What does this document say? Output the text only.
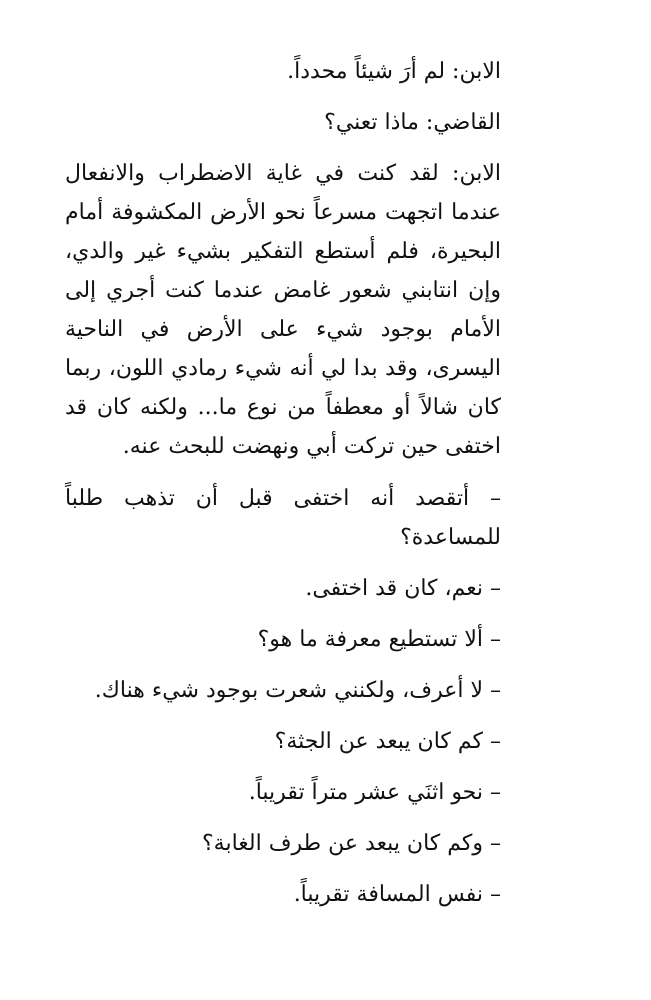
الابن: لم أرَ شيئاً محدداً.

القاضي: ماذا تعني؟

الابن: لقد كنت في غاية الاضطراب والانفعال عندما اتجهت مسرعاً نحو الأرض المكشوفة أمام البحيرة، فلم أستطع التفكير بشيء غير والدي، وإن انتابني شعور غامض عندما كنت أجري إلى الأمام بوجود شيء على الأرض في الناحية اليسرى، وقد بدا لي أنه شيء رمادي اللون، ربما كان شالاً أو معطفاً من نوع ما... ولكنه كان قد اختفى حين تركت أبي ونهضت للبحث عنه.

– أتقصد أنه اختفى قبل أن تذهب طلباً للمساعدة؟

– نعم، كان قد اختفى.

– ألا تستطيع معرفة ما هو؟

– لا أعرف، ولكنني شعرت بوجود شيء هناك.

– كم كان يبعد عن الجثة؟

– نحو اثنَي عشر متراً تقريباً.

– وكم كان يبعد عن طرف الغابة؟

– نفس المسافة تقريباً.
